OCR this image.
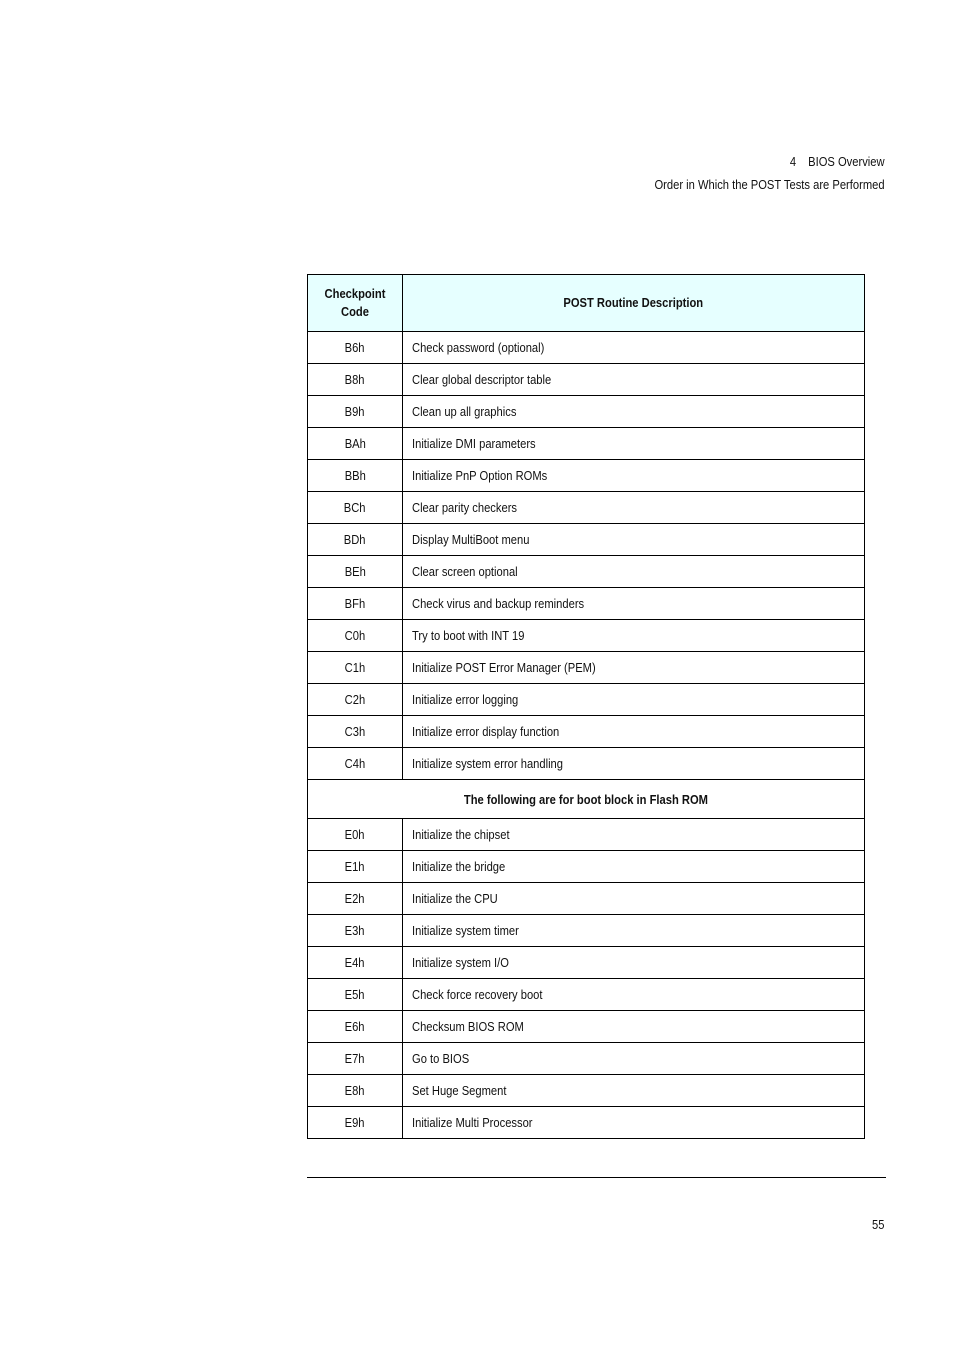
4 BIOS Overview
Order in Which the POST Tests are Performed
Checkpoint Code	POST Routine Description
B6h	Check password (optional)
B8h	Clear global descriptor table
B9h	Clean up all graphics
BAh	Initialize DMI parameters
BBh	Initialize PnP Option ROMs
BCh	Clear parity checkers
BDh	Display MultiBoot menu
BEh	Clear screen optional
BFh	Check virus and backup reminders
C0h	Try to boot with INT 19
C1h	Initialize POST Error Manager (PEM)
C2h	Initialize error logging
C3h	Initialize error display function
C4h	Initialize system error handling
The following are for boot block in Flash ROM	
E0h	Initialize the chipset
E1h	Initialize the bridge
E2h	Initialize the CPU
E3h	Initialize system timer
E4h	Initialize system I/O
E5h	Check force recovery boot
E6h	Checksum BIOS ROM
E7h	Go to BIOS
E8h	Set Huge Segment
E9h	Initialize Multi Processor
55
